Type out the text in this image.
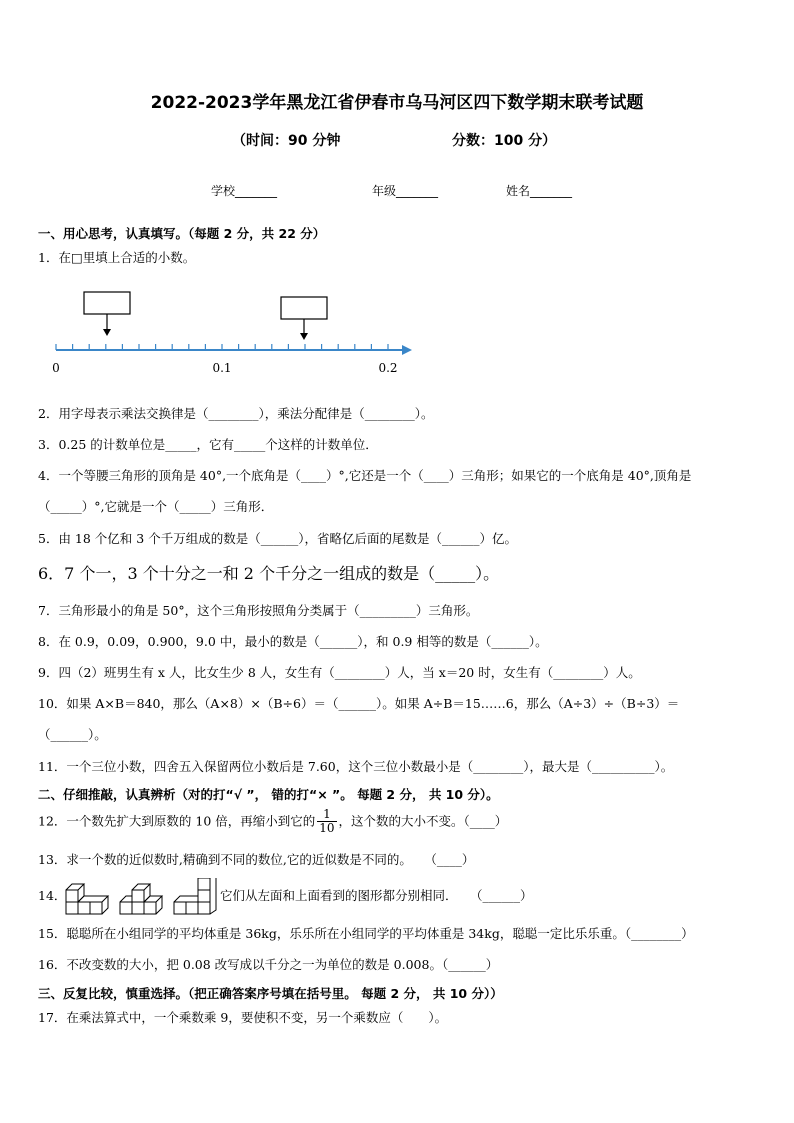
2022-2023学年黑龙江省伊春市乌马河区四下数学期末联考试题
（时间：90 分钟	分数：100 分）
学校_______	年级_______	姓名_______
一、用心思考，认真填写。（每题 2 分，共 22 分）
1．在□里填上合适的小数。
0	0.1	0.2
2．用字母表示乘法交换律是（________），乘法分配律是（________）。
3．0.25 的计数单位是_____，它有_____个这样的计数单位．
4．一个等腰三角形的顶角是 40°,一个底角是（____）°,它还是一个（____）三角形；如果它的一个底角是 40°,顶角是
（_____）°,它就是一个（_____）三角形．
5．由 18 个亿和 3 个千万组成的数是（______），省略亿后面的尾数是（______）亿。
6．7 个一，3 个十分之一和 2 个千分之一组成的数是（_____）。
7．三角形最小的角是 50°，这个三角形按照角分类属于（_________）三角形。
8．在 0.9，0.09，0.900，9.0 中，最小的数是（______），和 0.9 相等的数是（______）。
9．四（2）班男生有 x 人，比女生少 8 人，女生有（________）人，当 x＝20 时，女生有（________）人。
10．如果 A×B＝840，那么（A×8）×（B÷6）＝（______）。如果 A÷B＝15……6，那么（A÷3）÷（B÷3）＝
（______）。
11．一个三位小数，四舍五入保留两位小数后是 7.60，这个三位小数最小是（________），最大是（__________）。
二、仔细推敲，认真辨析（对的打“√ ”， 错的打“× ”。 每题 2 分， 共 10 分）。
12．一个数先扩大到原数的 10 倍，再缩小到它的 $\frac{1}{10}$ ，这个数的大小不变。（____）
13．求一个数的近似数时,精确到不同的数位,它的近似数是不同的。　　（____）
14．	它们从左面和上面看到的图形都分别相同．　　（______）
15．聪聪所在小组同学的平均体重是 36kg，乐乐所在小组同学的平均体重是 34kg，聪聪一定比乐乐重。（________）
16．不改变数的大小，把 0.08 改写成以千分之一为单位的数是 0.008。（______）
三、反复比较，慎重选择。（把正确答案序号填在括号里。 每题 2 分， 共 10 分））
17．在乘法算式中，一个乘数乘 9，要使积不变，另一个乘数应（　　）。
